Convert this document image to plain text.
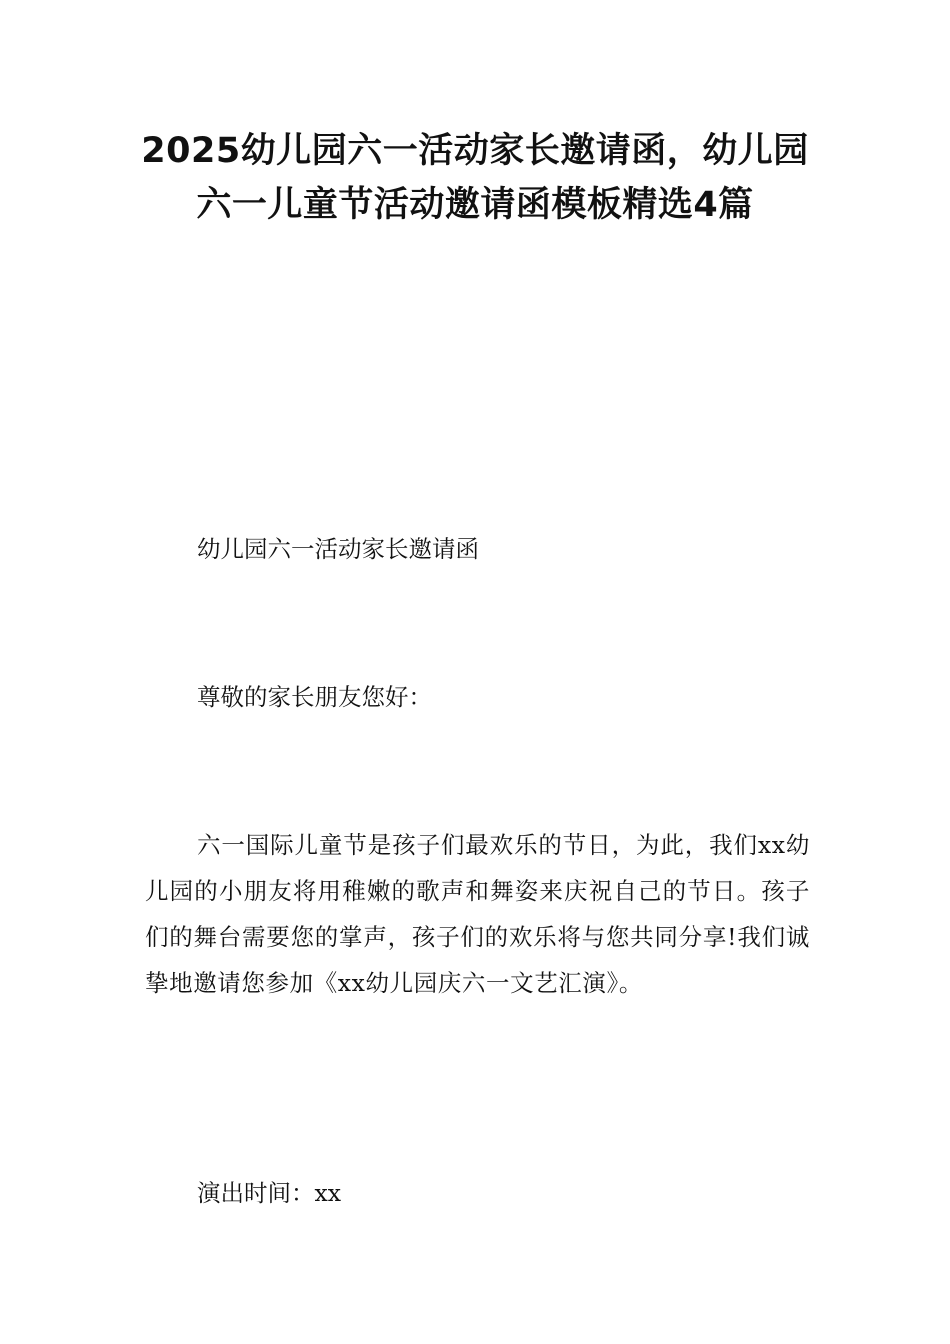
2025幼儿园六一活动家长邀请函，幼儿园
六一儿童节活动邀请函模板精选4篇
幼儿园六一活动家长邀请函
尊敬的家长朋友您好：
六一国际儿童节是孩子们最欢乐的节日，为此，我们xx幼儿园的小朋友将用稚嫩的歌声和舞姿来庆祝自己的节日。孩子们的舞台需要您的掌声，孩子们的欢乐将与您共同分享!我们诚挚地邀请您参加《xx幼儿园庆六一文艺汇演》。
演出时间：xx
